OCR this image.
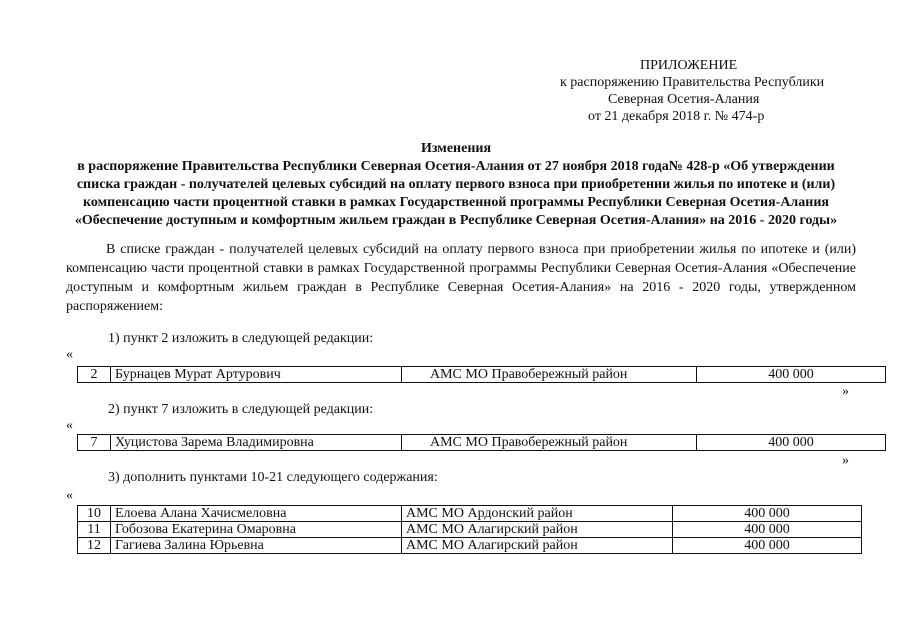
ПРИЛОЖЕНИЕ
к распоряжению Правительства Республики
Северная Осетия-Алания
от 21 декабря 2018 г. № 474-р
Изменения
в распоряжение Правительства Республики Северная Осетия-Алания от 27 ноября 2018 года№ 428-р «Об утверждении списка граждан - получателей целевых субсидий на оплату первого взноса при приобретении жилья по ипотеке и (или) компенсацию части процентной ставки в рамках Государственной программы Республики Северная Осетия-Алания «Обеспечение доступным и комфортным жильем граждан в Республике Северная Осетия-Алания» на 2016 - 2020 годы»
В списке граждан - получателей целевых субсидий на оплату первого взноса при приобретении жилья по ипотеке и (или) компенсацию части процентной ставки в рамках Государственной программы Республики Северная Осетия-Алания «Обеспечение доступным и комфортным жильем граждан в Республике Северная Осетия-Алания» на 2016 - 2020 годы, утвержденном распоряжением:
1) пункт 2 изложить в следующей редакции:
«
2	Бурнацев Мурат Артурович	АМС МО Правобережный район	400 000
»
2) пункт 7 изложить в следующей редакции:
«
7	Хуцистова Зарема Владимировна	АМС МО Правобережный район	400 000
»
3) дополнить пунктами 10-21 следующего содержания:
«
10	Елоева Алана Хачисмеловна	АМС МО Ардонский район	400 000
11	Гобозова Екатерина Омаровна	АМС МО Алагирский район	400 000
12	Гагиева Залина Юрьевна	АМС МО Алагирский район	400 000
